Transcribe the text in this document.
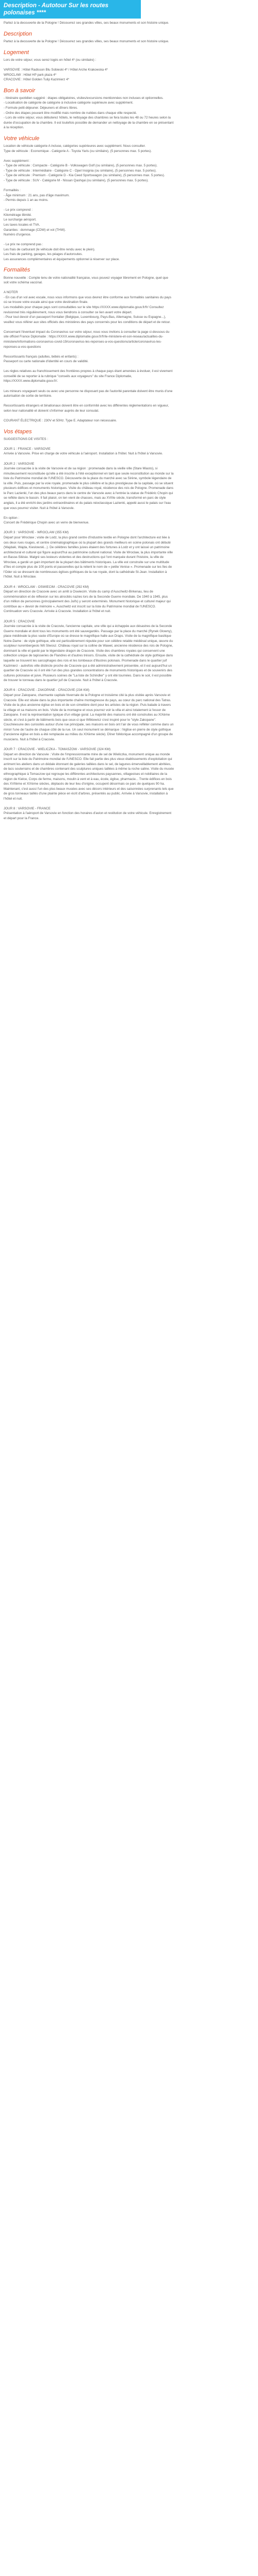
Description - Autotour Sur les routes polonaises ****

Partez à la decouverte de la Pologne ! Découvrez ses grandes villes, ses beaux monuments et son histoire unique.

Description

Partez à la decouverte de la Pologne ! Découvrez ses grandes villes, ses beaux monuments et son histoire unique.

Logement

Lors de votre séjour, vous serez logés en hôtel 4* (ou similaire) :

VARSOVIE : Hôtel Radisson Blu Sobieski 4* / Hôtel Arche Krakowska 4*
WROCLAW : Hôtel HP park plaza 4*
CRACOVIE : Hôtel Golden Tulip Kazimierz 4*

Bon à savoir

- Itinéraire quotidien suggéré : étapes obligatoires, visites/excursions mentionnées non incluses et optionnelles.
- Localisation de catégorie de catégorie à inclusive catégorie supérieure avec supplément.
- Formule petit-déjeuner. Déjeuners et dîners libres.
- Ordre des étapes pouvant être modifié mais nombre de nuitées dans chaque ville respecté.
- Lors de votre séjour, vous débuterez hôtels, le nettoyage des chambres se fera toutes les 48 ou 72 heures selon la durée d'occupation de la chambre. Il est toutefois possible de demander un nettoyage de la chambre en se présentant à la réception.

Votre véhicule

Location de véhicule catégorie A incluse, catégories supérieures avec supplément. Nous consulter.
Type de véhicule : Economique - Catégorie A - Toyota Yaris (ou similaire), (5 personnes max. 5 portes).

Avec supplément :
- Type de véhicule : Compacte - Catégorie B - Volkswagen Golf (ou similaire), (5 personnes max. 5 portes).
- Type de véhicule : Intermédiaire - Catégorie C - Opel Insignia (ou similaire), (5 personnes max. 5 portes).
- Type de véhicule : Premium - Catégorie D - Kia Ceed Sportswagon (ou similaire), (5 personnes max. 5 portes).
- Type de véhicule : SUV - Catégorie M - Nissan Qashqai (ou similaire), (5 personnes max. 5 portes).

Formalités :
- Âge minimum : 21 ans, pas d'âge maximum.
- Permis depuis 1 an au moins.

- Le prix comprend :
Kilométrage illimité.
Le surcharge aéroport.
Les taxes locales et TVA.
Garanties : dommage (CDW) et vol (THW).
Numéro d'urgence.

- Le prix ne comprend pas :
Les frais de carburant (le véhicule doit être rendu avec le plein).
Les frais de parking, garages, les péages d'autoroutes.
Les assurances complémentaires et équipements optionnel à réserver sur place.

Formalités

Bonne nouvelle : Compte tenu de votre nationalité française, vous pouvez voyager librement en Pologne, quel que soit votre schéma vaccinal.

A NOTER
- En cas d'un vol avec escale, nous vous informons que vous devrez être conforme aux formalités sanitaires du pays où se trouve votre escale ainsi que votre destination finale.
Les modalités pour chaque pays sont consultables sur le site https://XXXX.www.diplomatie.gouv.fr/fr/ Consultez revisionnel très régulièrement, nous vous tiendrons à consulter ce lien avant votre départ.
- Pour tout devoir d'un passeport frontalier (Belgique, Luxembourg, Pays-Bas, Allemagne, Suisse ou Espagne...), veuillez vous référer aux sites officiels des ministères des pays concernés pour les conditions de départ et de retour.

Concernant l'éventuel impact du Coronavirus sur votre séjour, nous vous invitons à consulter la page ci-dessous du site officiel France Diplomatie : https://XXXX.www.diplomatie.gouv.fr/fr/le-ministere-et-son-reseau/actualites-du-ministere/informations-coronavirus-covid-19/coronavirus-les-reponses-a-vos-questions/article/coronavirus-les-reponses-a-vos-questions

Ressortissants français (adultes, bébés et enfants) :
Passeport ou carte nationale d'identité en cours de validité.

Les règles relatives au franchissement des frontières propres à chaque pays étant amenées à évoluer, il est vivement conseillé de se reporter à la rubrique "conseils aux voyageurs" du site France Diplomatie, https://XXXX.www.diplomatie.gouv.fr/.

Les mineurs voyageant seuls ou avec une personne ne disposant pas de l'autorité parentale doivent être munis d'une autorisation de sortie de territoire.

Ressortissants étrangers et binationaux doivent être en conformité avec les différentes réglementations en vigueur, selon leur nationalité et doivent s'informer auprès de leur consulat.

COURANT ÉLECTRIQUE : 230V et 50Hz. Type E. Adaptateur non nécessaire.

Vos étapes

SUGGESTIONS DE VISITES :

JOUR 1 : FRANCE - VARSOVIE
Arrivée à Varsovie. Prise en charge de votre véhicule à l'aéroport. Installation à l'hôtel. Nuit à l'hôtel à Varsovie.

JOUR 2 : VARSOVIE
Journée consacrée à la visite de Varsovie et de sa région : promenade dans la vieille ville (Stare Miasto), si minutieusement reconstituée qu'elle a été inscrite à l'été exceptionnel en tant que seule reconstitution au monde sur la liste du Patrimoine mondial de l'UNESCO. Découverte de la place du marché avec sa Sirène, symbole légendaire de la ville. Puis, passage par la voie royale, promenade le plus célèbre et la plus prestigieuse de la capitale, où se situent plusieurs édifices et monuments historiques. Visite du château royal, résidence des rois de Pologne. Promenade dans le Parc Lazienki, l'un des plus beaux parcs dans le centre de Varsovie avec à l'entrée la statue de Frédéric Chopin qui se reflète dans le bassin. Il fait plaisir, on ten vient de chasses, mais au XVIIIe siècle, transformé en parc de style anglais, il a été enrichi des jardins extraordinaires et du palais néoclassique Lazienki, appelé aussi le palais sur l'eau que vous pourrez visiter. Nuit à l'hôtel à Varsovie.

En option :
Concert de Frédérique Chopin avec un verre de bienvenue.

JOUR 3 : VARSOVIE - WROCLAW (355 KM)
Départ pour Wroclaw ; visite de Lodz, la plus grand centre d'industrie textile en Pologne dont l'architecture est liée à ces deux rues rouges, et centre cinématographique où la plupart des grands meilleurs en scène polonais ont débuté (Wajdaki, Wajda, Kieslowski...). De célèbres familles juives étaient des fortunes à Lodz et y ont laissé un patrimoine architectural et culturel qui figure aujourd'hui au patrimoine culturel national. Visite de Wroclaw, la plus importante ville en Basse-Silésie. Malgré ses lesteurs violentes et des destructions qui l'ont marquée durant l'histoire, la ville de Wroclaw, a gardé un gain important de la plupart des bâtiments historiques. La ville est construite sur une multitude d'îles et compte plus de 100 ponts et passerelles qui la relient le nom de « petite Venise ». Promenade sur les îles de l'Oder où se dressent de nombreuses églises gothiques de la rue royale, dont la cathédrale St-Jean. Installation à l'hôtel. Nuit à Wroclaw.

JOUR 4 : WROCLAW - OSWIECIM - CRACOVIE (292 KM)
Départ en direction de Cracovie avec un arrêt à Oswiecim. Visite du camp d'Auschwitz-Birkenau, lieu de commémoration et de réflexion sur les atrocités nazies lors de la Seconde Guerre mondiale. De 1940 à 1945, plus d'un million de personnes (principalement des Juifs) y seront exterminés. Monument historique et culturel majeur qui contribue au « devoir de mémoire », Auschwitz est inscrit sur la liste du Patrimoine mondial de l'UNESCO. Continuation vers Cracovie. Arrivée à Cracovie. Installation à l'hôtel et nuit.

JOUR 5 : CRACOVIE
Journée consacrée à la visite de Cracovie, l'ancienne capitale, une ville qui a échappée aux désastres de la Seconde Guerre mondiale et dont tous les monuments ont été sauvegardés. Passage par la place du marché (Rynek Glowny), place médiévale la plus vaste d'Europe où se dresse le magnifique halle aux Draps. Visite de la magnifique basilique Notre-Dame : de style gothique, elle est particulièrement réputée pour son célèbre retable médiéval unique, œuvre du sculpteur nurembergeois Wit Stwosz. Château royal sur la colline de Wawel, ancienne résidence des rois de Pologne, dominant la ville et gardé par le légendaire dragon de Cracovie. Visite des chambres royales qui conservent une collection unique de tapisseries de Flandres et d'autres trésors. Ensuite, visite de la cathédrale de style gothique dans laquelle se trouvent les sarcophages des rois et les tombeaux d'illustres polonais. Promenade dans le quartier juif Kazimierz - autrefois ville distincte proche de Cracovie qui a été administrativement présentée, et il est aujourd'hui un quartier de Cracovie où il ont été l'un des plus grandes concentrations de monuments historiques et de souvenirs des cultures polonaise et juive. Plusieurs scènes de "La liste de Schindler" y ont été tournées. Dans le soir, il est possible de trouver le tonneau dans le quartier juif de Cracovie. Nuit à l'hôtel à Cracovie.

JOUR 6 : CRACOVIE - ZAKOPANE - CRACOVIE (234 KM)
Départ pour Zakopane, charmante capitale hivernale de la Pologne et troisième cité la plus visitée après Varsovie et Cracovie. Elle est située dans la plus importante chaîne montagneuse du pays, au cœur du parc national des Tatras. Visite de la plus ancienne église en bois et de son cimetière dont pour les artistes de la région. Puis balade à travers la village et sa maisons en bois. Visite de la montagne et vous pourrez voir la villa et ainsi totalement à l'essor de Zakopane. Il est la représentation typique d'un village goral. La majorité des maisons ont été construites au XIXème siècle, et c'est à partir de bâtiments bois que ceux-ci que Witkiewicz s'est inspiré pour le "style Zakopane". Couchéesune des curiosités autour d'une rue principale, ses maisons en bois ont l'air de vous refléter comme dans un miroir l'une de l'autre de chaque côté de la rue. Un seul monument se démarque : l'église en pierre de style gothique (l'ancienne église en bois a été remplacée au milieu du XIXème siècle). Dîner folklorique accompagné d'un groupe de musiciens. Nuit à l'hôtel à Cracovie.

JOUR 7 : CRACOVIE - WIELICZKA - TOMASZOW - VARSOVIE (324 KM)
Départ en direction de Varsovie : Visite de l'impressionnante mine de sel de Wieliczka, monument unique au monde inscrit sur la liste du Patrimoine mondial de l'UNESCO. Elle fait partie des plus vieux établissements d'exploitation qui arriment les ateliers dans un dédale étonnant de galeries taillées dans le sel, de lagunes émerveillablement abritées, de lacs souterrains et de chambres contenant des sculptures uniques taillées à même la roche saline. Visite du musée ethnographique à Tomaszow qui regroupe les différentes architectures paysannes, villageoises et nobiliaires de la région de Kielce, Corps de ferme, maisons, moulin à vent et à eau, école, église, pharmacie... Trente édifices en bois des XVIIème et XIXème siècles, déplacés de leur lieu d'origine, occupent désormais ce parc de quelques 90 ha. Maintenant, c'est aussi l'un des plus beaux musées avec ses décors intérieurs et des saisonnées surprenants tels que de gros tonneaux taillés d'une plainte pièce en écrit d'arbres, présentés au public. Arrivée à Varsovie, installation à l'hôtel et nuit.

JOUR 8 : VARSOVIE - FRANCE
Présentation à l'aéroport de Varsovie en fonction des horaires d'avion et restitution de votre véhicule. Enregistrement et départ pour la France.
